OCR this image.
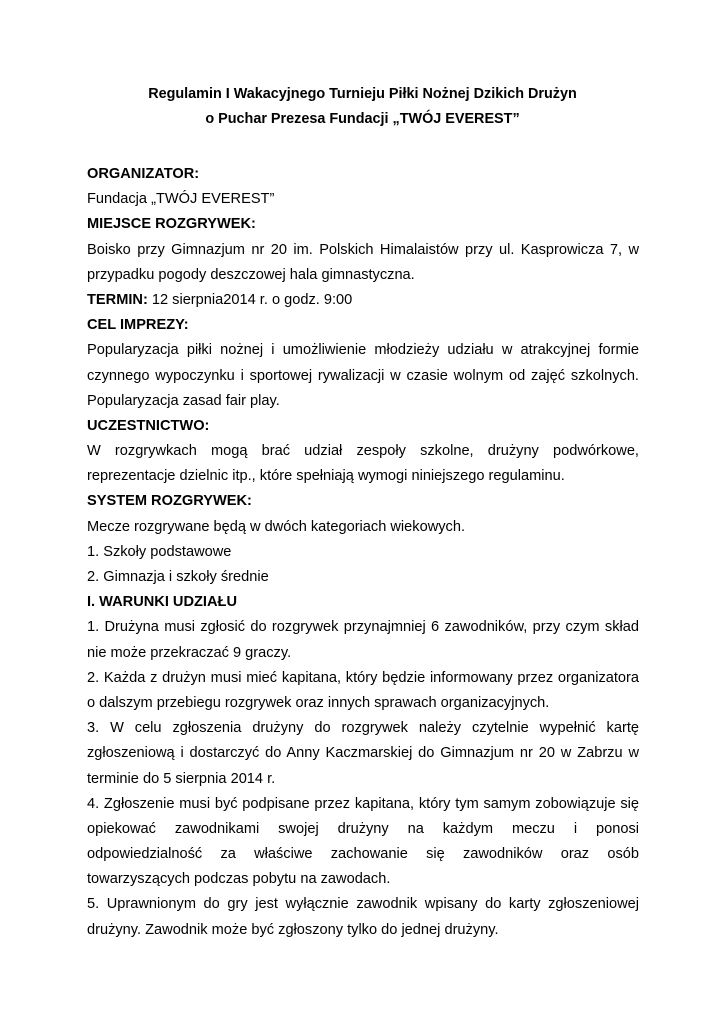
Regulamin I Wakacyjnego Turnieju Piłki Nożnej Dzikich Drużyn

o Puchar Prezesa Fundacji „TWÓJ EVEREST”

ORGANIZATOR:

Fundacja „TWÓJ EVEREST”

MIEJSCE ROZGRYWEK:

Boisko przy Gimnazjum nr 20 im. Polskich Himalaistów przy ul. Kasprowicza 7, w

przypadku pogody deszczowej hala gimnastyczna.

TERMIN: 12 sierpnia2014 r. o godz. 9:00

CEL IMPREZY:

Popularyzacja piłki nożnej i umożliwienie młodzieży udziału w atrakcyjnej formie

czynnego wypoczynku i sportowej rywalizacji w czasie wolnym od zajęć szkolnych.

Popularyzacja zasad fair play.

UCZESTNICTWO:

W rozgrywkach mogą brać udział zespoły szkolne, drużyny podwórkowe,

reprezentacje dzielnic itp., które spełniają wymogi niniejszego regulaminu.

SYSTEM ROZGRYWEK:

Mecze rozgrywane będą w dwóch kategoriach wiekowych.

1. Szkoły podstawowe

2. Gimnazja i szkoły średnie

I. WARUNKI UDZIAŁU

1. Drużyna musi zgłosić do rozgrywek przynajmniej 6 zawodników, przy czym skład

nie może przekraczać 9 graczy.

2. Każda z drużyn musi mieć kapitana, który będzie informowany przez organizatora

o dalszym przebiegu rozgrywek oraz innych sprawach organizacyjnych.

3. W celu zgłoszenia drużyny do rozgrywek należy czytelnie wypełnić kartę

zgłoszeniową i dostarczyć do Anny Kaczmarskiej do Gimnazjum nr 20 w Zabrzu w

terminie do 5 sierpnia 2014 r.

4. Zgłoszenie musi być podpisane przez kapitana, który tym samym zobowiązuje się

opiekować zawodnikami swojej drużyny na każdym meczu i ponosi

odpowiedzialność za właściwe zachowanie się zawodników oraz osób

towarzyszących podczas pobytu na zawodach.

5. Uprawnionym do gry jest wyłącznie zawodnik wpisany do karty zgłoszeniowej

drużyny. Zawodnik może być zgłoszony tylko do jednej drużyny.
